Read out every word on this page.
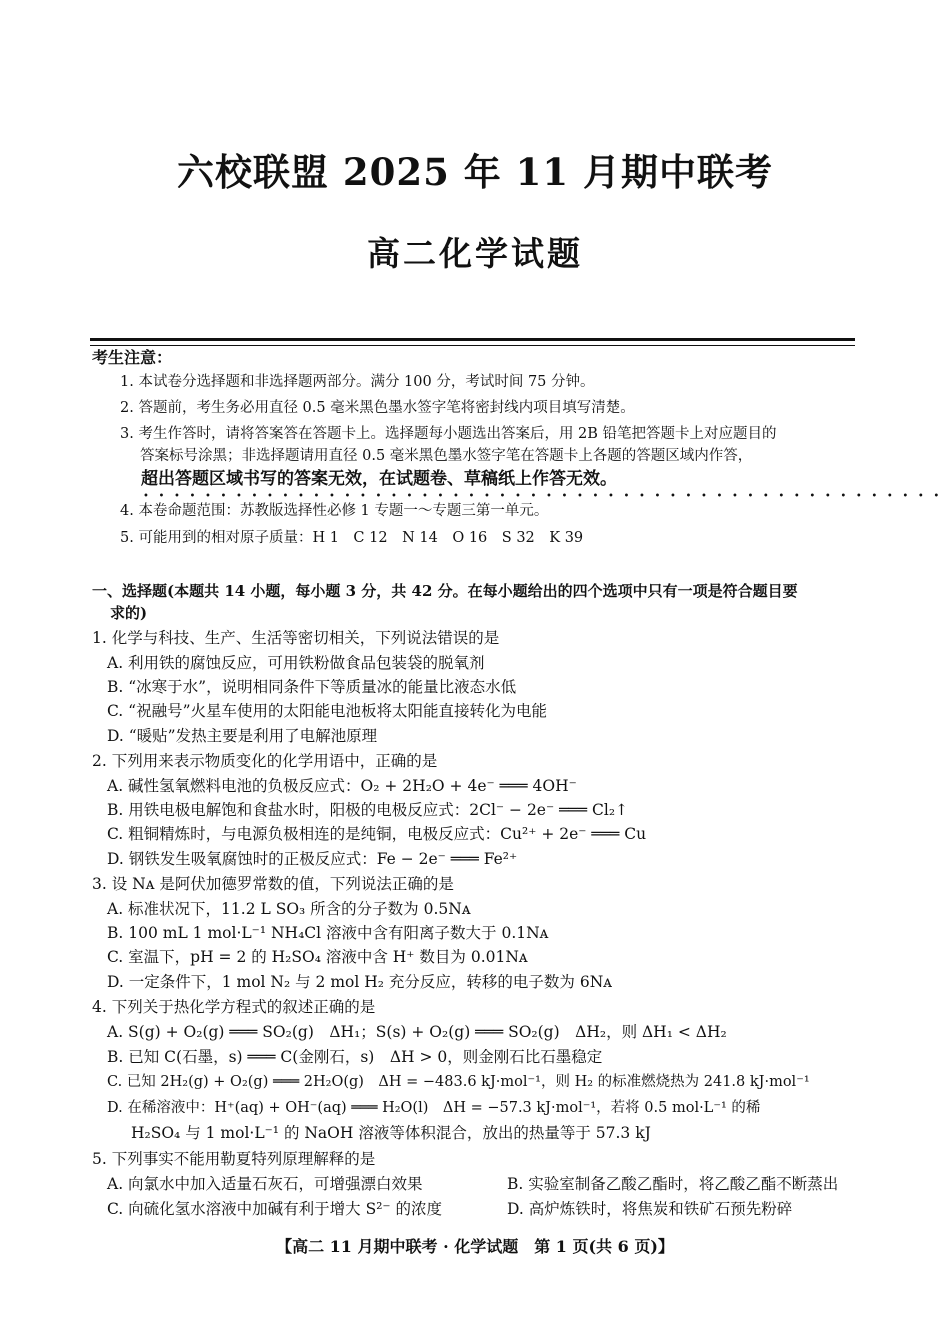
六校联盟 2025 年 11 月期中联考
高二化学试题
考生注意：
1. 本试卷分选择题和非选择题两部分。满分 100 分，考试时间 75 分钟。
2. 答题前，考生务必用直径 0.5 毫米黑色墨水签字笔将密封线内项目填写清楚。
3. 考生作答时，请将答案答在答题卡上。选择题每小题选出答案后，用 2B 铅笔把答题卡上对应题目的
答案标号涂黑；非选择题请用直径 0.5 毫米黑色墨水签字笔在答题卡上各题的答题区域内作答，
超出答题区域书写的答案无效，在试题卷、草稿纸上作答无效。
••••••••••••••••••••••••••••••••••••••••••••••••••••
4. 本卷命题范围：苏教版选择性必修 1 专题一～专题三第一单元。
5. 可能用到的相对原子质量：H 1　C 12　N 14　O 16　S 32　K 39
一、选择题(本题共 14 小题，每小题 3 分，共 42 分。在每小题给出的四个选项中只有一项是符合题目要
求的)
1. 化学与科技、生产、生活等密切相关，下列说法错误的是
A. 利用铁的腐蚀反应，可用铁粉做食品包装袋的脱氧剂
B. “冰寒于水”，说明相同条件下等质量冰的能量比液态水低
C. “祝融号”火星车使用的太阳能电池板将太阳能直接转化为电能
D. “暖贴”发热主要是利用了电解池原理
2. 下列用来表示物质变化的化学用语中，正确的是
A. 碱性氢氧燃料电池的负极反应式：O₂ + 2H₂O + 4e⁻ ═══ 4OH⁻
B. 用铁电极电解饱和食盐水时，阳极的电极反应式：2Cl⁻ − 2e⁻ ═══ Cl₂↑
C. 粗铜精炼时，与电源负极相连的是纯铜，电极反应式：Cu²⁺ + 2e⁻ ═══ Cu
D. 钢铁发生吸氧腐蚀时的正极反应式：Fe − 2e⁻ ═══ Fe²⁺
3. 设 Nᴀ 是阿伏加德罗常数的值，下列说法正确的是
A. 标准状况下，11.2 L SO₃ 所含的分子数为 0.5Nᴀ
B. 100 mL 1 mol·L⁻¹ NH₄Cl 溶液中含有阳离子数大于 0.1Nᴀ
C. 室温下，pH = 2 的 H₂SO₄ 溶液中含 H⁺ 数目为 0.01Nᴀ
D. 一定条件下，1 mol N₂ 与 2 mol H₂ 充分反应，转移的电子数为 6Nᴀ
4. 下列关于热化学方程式的叙述正确的是
A. S(g) + O₂(g) ═══ SO₂(g)　ΔH₁；S(s) + O₂(g) ═══ SO₂(g)　ΔH₂，则 ΔH₁ < ΔH₂
B. 已知 C(石墨，s) ═══ C(金刚石，s)　ΔH > 0，则金刚石比石墨稳定
C. 已知 2H₂(g) + O₂(g) ═══ 2H₂O(g)　ΔH = −483.6 kJ·mol⁻¹，则 H₂ 的标准燃烧热为 241.8 kJ·mol⁻¹
D. 在稀溶液中：H⁺(aq) + OH⁻(aq) ═══ H₂O(l)　ΔH = −57.3 kJ·mol⁻¹，若将 0.5 mol·L⁻¹ 的稀
H₂SO₄ 与 1 mol·L⁻¹ 的 NaOH 溶液等体积混合，放出的热量等于 57.3 kJ
5. 下列事实不能用勒夏特列原理解释的是
A. 向氯水中加入适量石灰石，可增强漂白效果	B. 实验室制备乙酸乙酯时，将乙酸乙酯不断蒸出
C. 向硫化氢水溶液中加碱有利于增大 S²⁻ 的浓度	D. 高炉炼铁时，将焦炭和铁矿石预先粉碎
【高二 11 月期中联考 · 化学试题　第 1 页(共 6 页)】
